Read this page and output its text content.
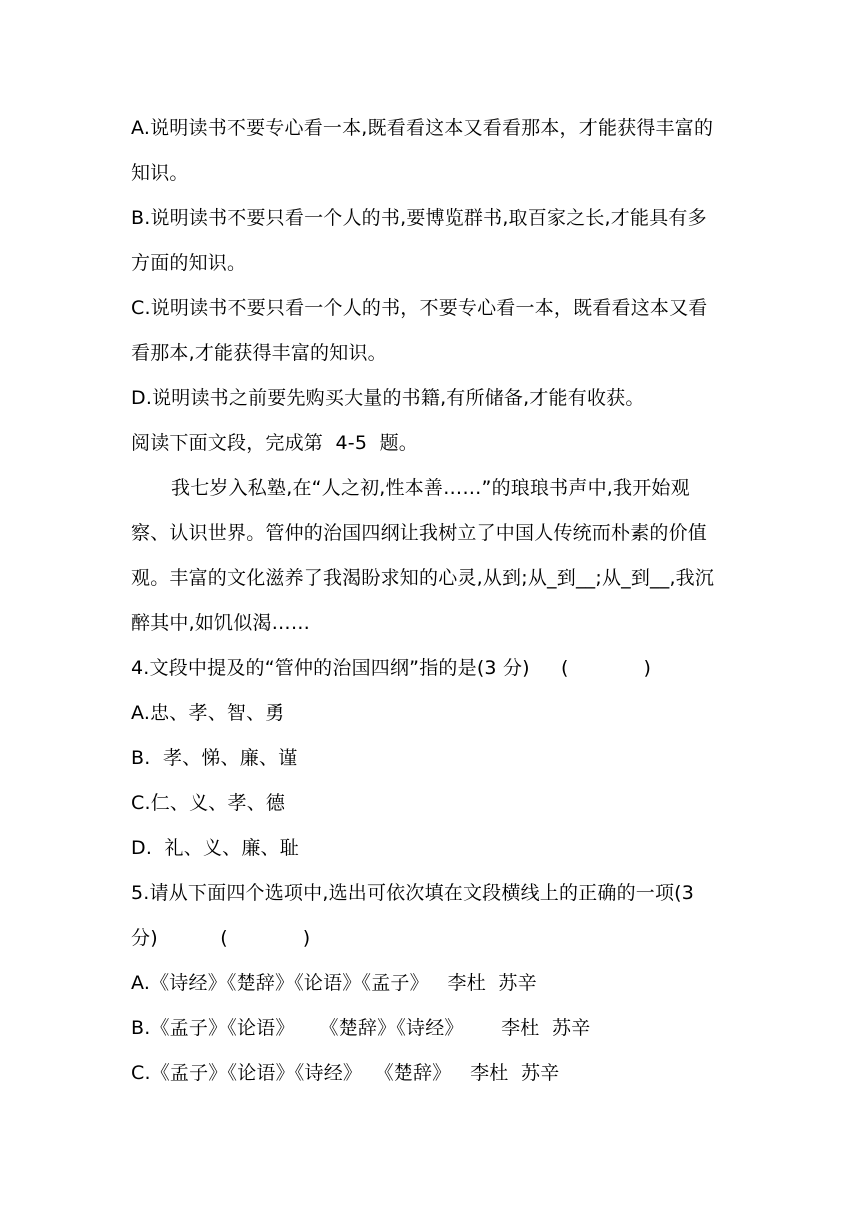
A.说明读书不要专心看一本,既看看这本又看看那本，才能获得丰富的
知识。
B.说明读书不要只看一个人的书,要博览群书,取百家之长,才能具有多
方面的知识。
C.说明读书不要只看一个人的书，不要专心看一本，既看看这本又看
看那本,才能获得丰富的知识。
D.说明读书之前要先购买大量的书籍,有所储备,才能有收获。
阅读下面文段，完成第  4-5  题。
我七岁入私塾,在“人之初,性本善……”的琅琅书声中,我开始观
察、认识世界。管仲的治国四纲让我树立了中国人传统而朴素的价值
观。丰富的文化滋养了我渴盼求知的心灵,从到;从_到__;从_到__,我沉
醉其中,如饥似渴……
4.文段中提及的“管仲的治国四纲”指的是(3 分)     (            )
A.忠、孝、智、勇
B.  孝、悌、廉、谨
C.仁、义、孝、德
D.  礼、义、廉、耻
5.请从下面四个选项中,选出可依次填在文段横线上的正确的一项(3
分)          (            )
A.《诗经》《楚辞》《论语》《孟子》   李杜  苏辛
B.《孟子》《论语》    《楚辞》《诗经》      李杜  苏辛
C.《孟子》《论语》《诗经》  《楚辞》   李杜  苏辛
